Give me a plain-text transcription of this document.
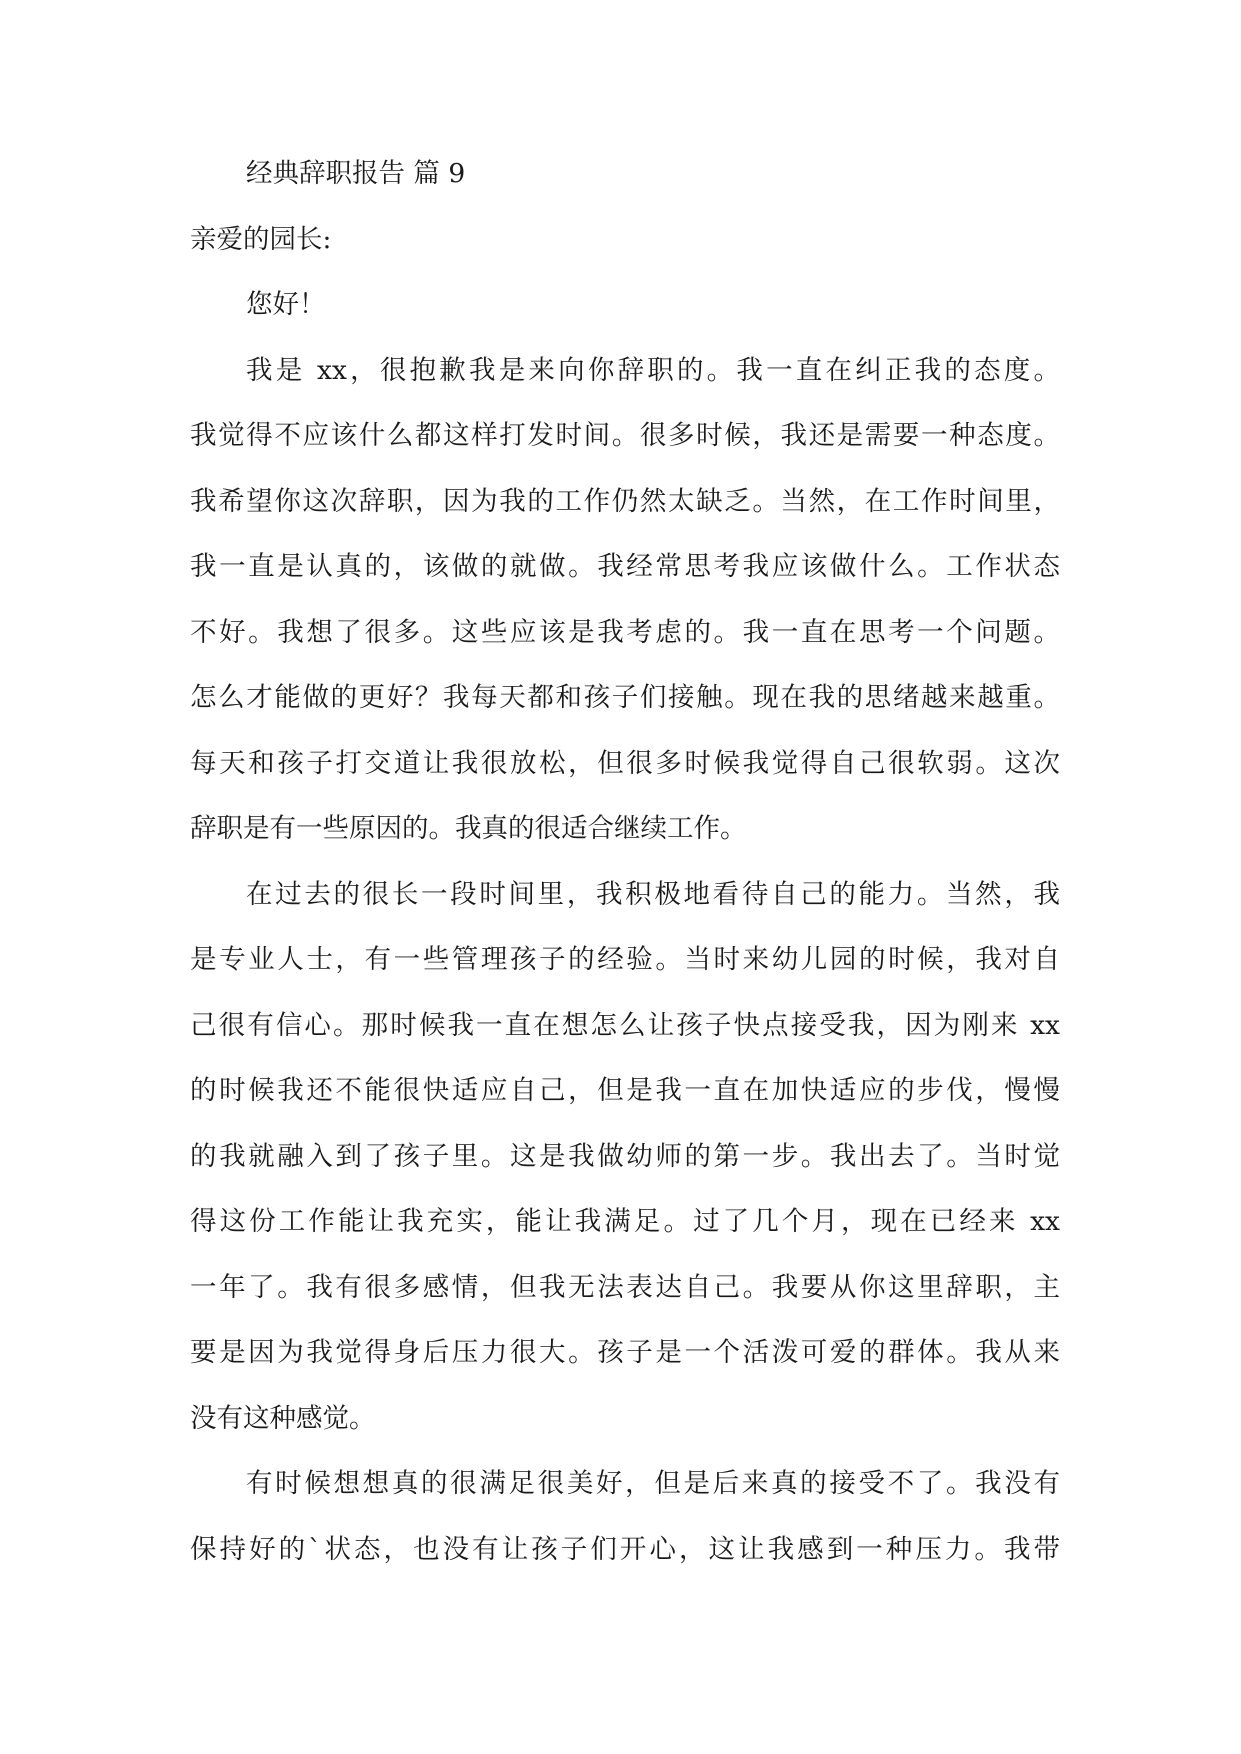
经典辞职报告 篇 9
亲爱的园长:
您好！
我是 xx，很抱歉我是来向你辞职的。我一直在纠正我的态度。
我觉得不应该什么都这样打发时间。很多时候，我还是需要一种态度。
我希望你这次辞职，因为我的工作仍然太缺乏。当然，在工作时间里，
我一直是认真的，该做的就做。我经常思考我应该做什么。工作状态
不好。我想了很多。这些应该是我考虑的。我一直在思考一个问题。
怎么才能做的更好？我每天都和孩子们接触。现在我的思绪越来越重。
每天和孩子打交道让我很放松，但很多时候我觉得自己很软弱。这次
辞职是有一些原因的。我真的很适合继续工作。
在过去的很长一段时间里，我积极地看待自己的能力。当然，我
是专业人士，有一些管理孩子的经验。当时来幼儿园的时候，我对自
己很有信心。那时候我一直在想怎么让孩子快点接受我，因为刚来 xx
的时候我还不能很快适应自己，但是我一直在加快适应的步伐，慢慢
的我就融入到了孩子里。这是我做幼师的第一步。我出去了。当时觉
得这份工作能让我充实，能让我满足。过了几个月，现在已经来 xx
一年了。我有很多感情，但我无法表达自己。我要从你这里辞职，主
要是因为我觉得身后压力很大。孩子是一个活泼可爱的群体。我从来
没有这种感觉。
有时候想想真的很满足很美好，但是后来真的接受不了。我没有
保持好的`状态，也没有让孩子们开心，这让我感到一种压力。我带
